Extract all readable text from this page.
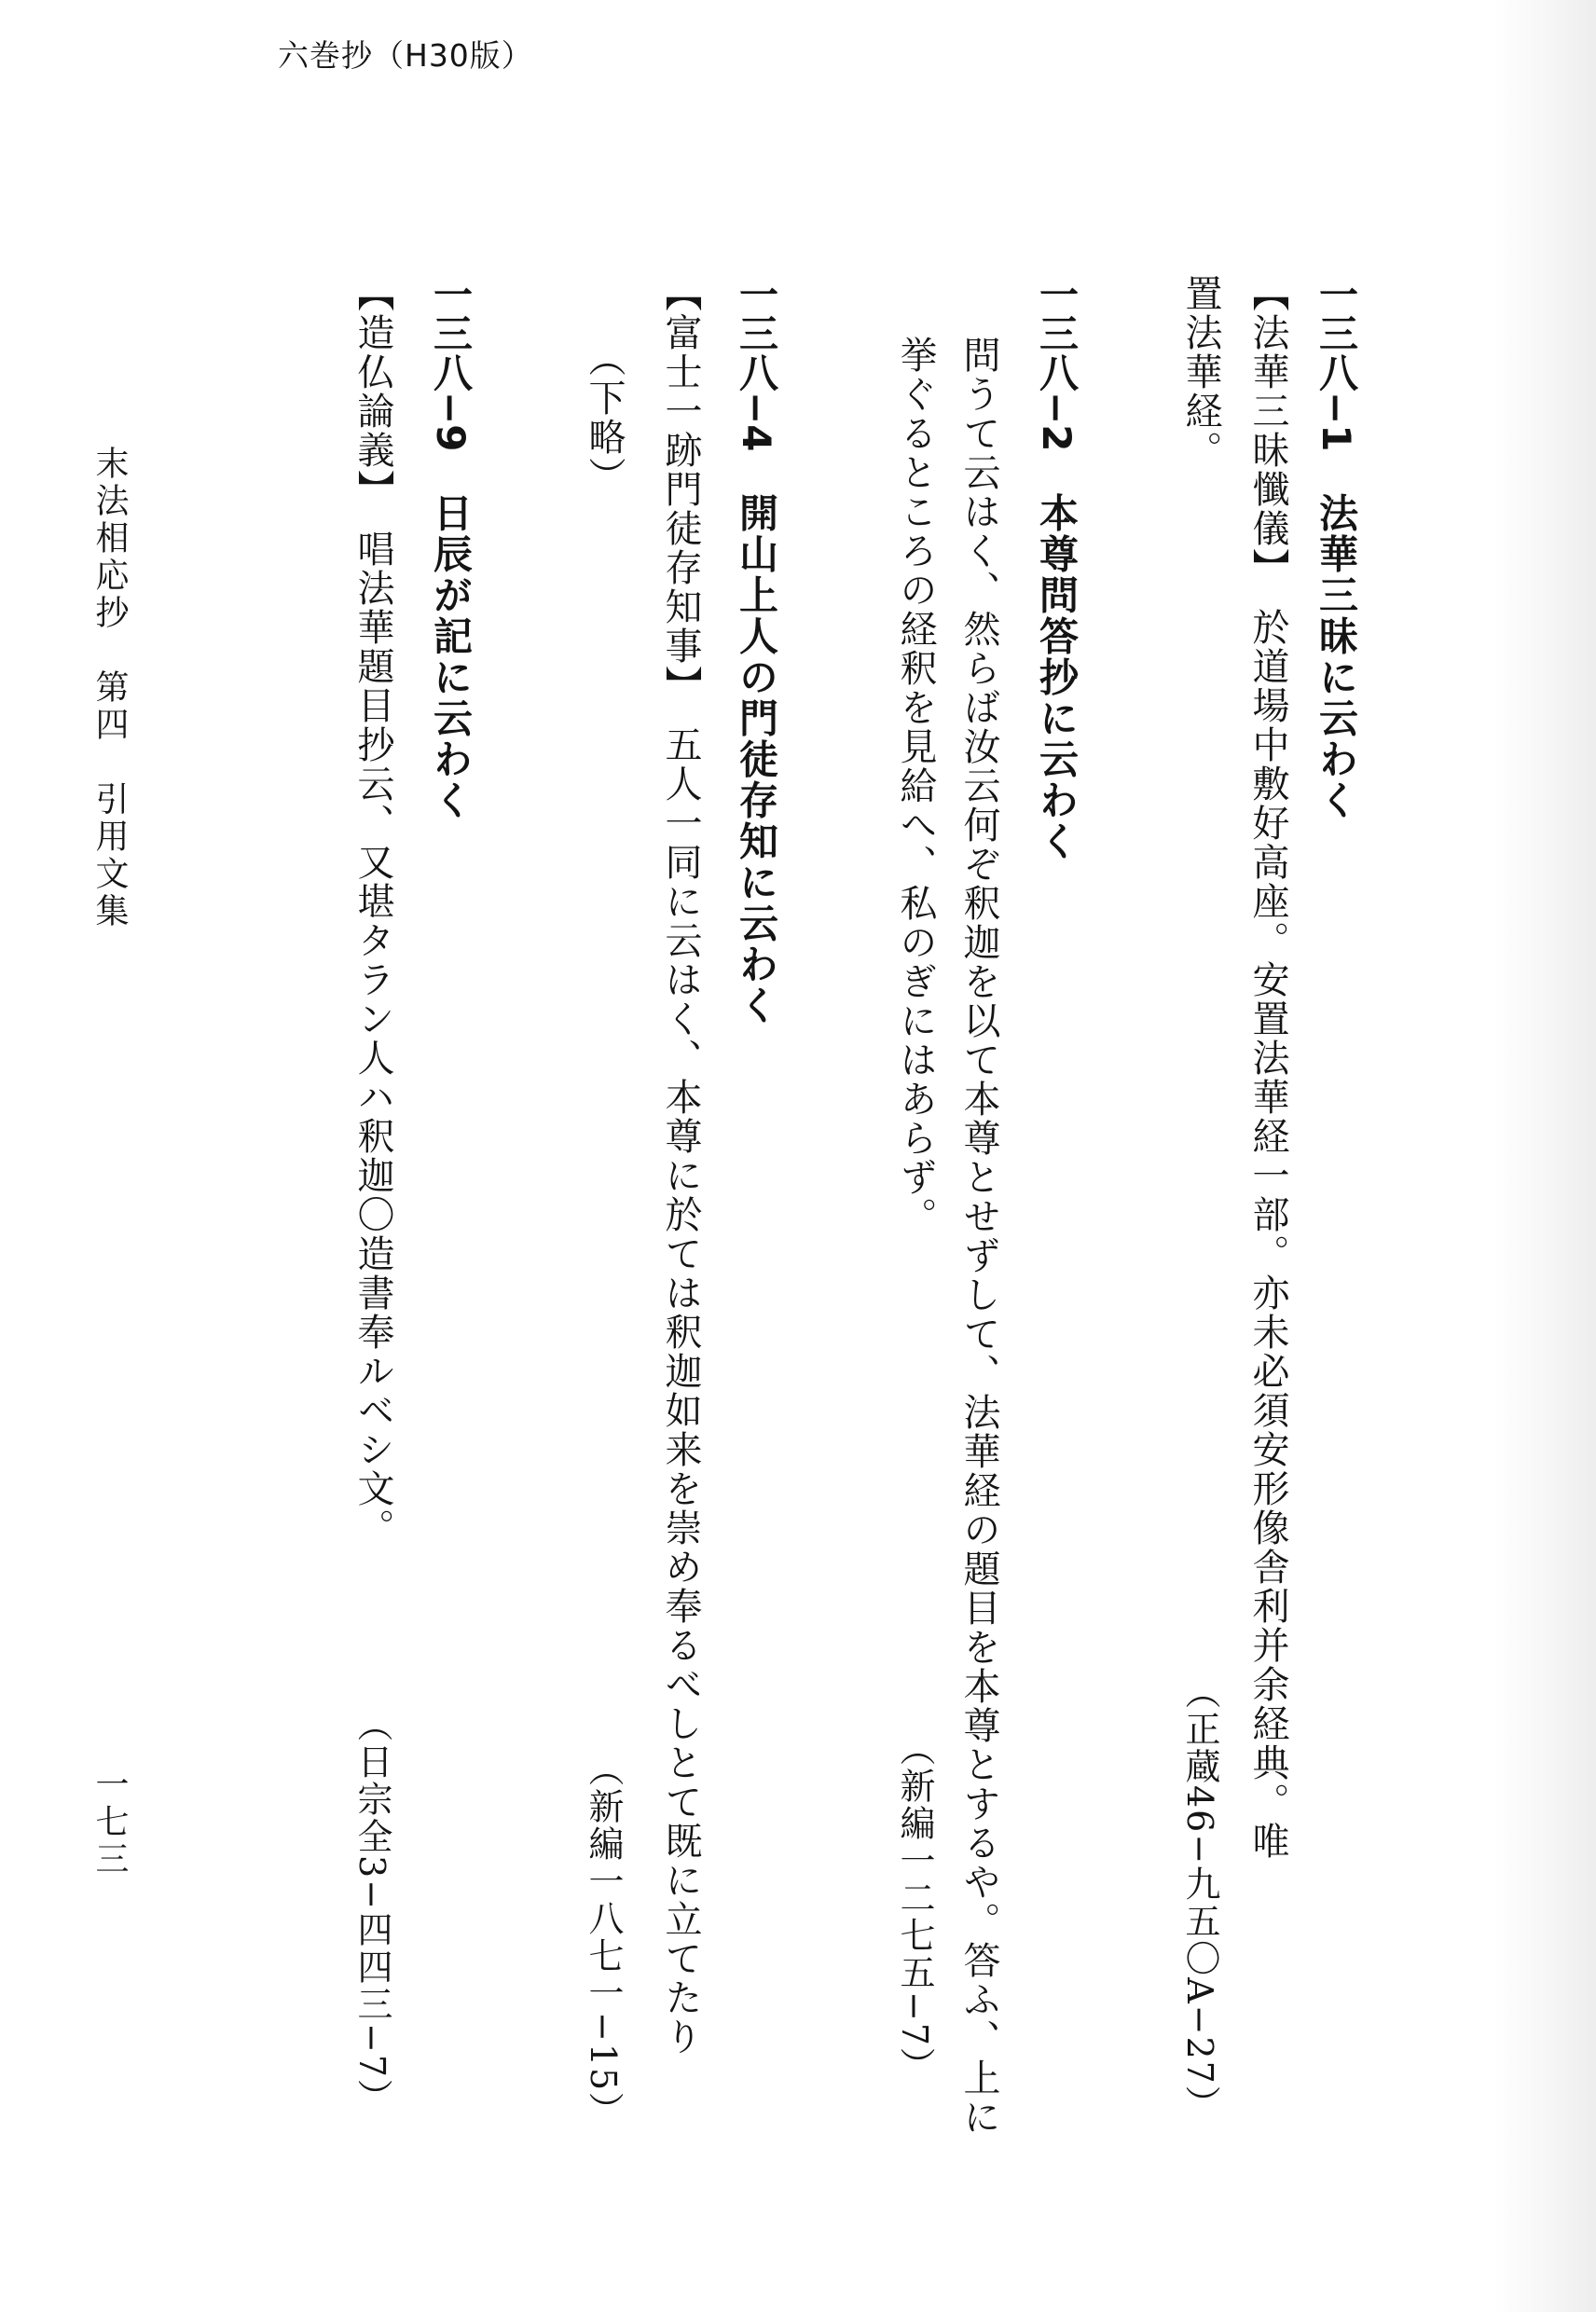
六巻抄（H30版）
一三八−1　法華三昧に云わく
【法華三昧懺儀】　於道場中敷好高座。安置法華経一部。亦未必須安形像舎利并余経典。唯
置法華経。
（正蔵46−九五〇A−27）
一三八−2　本尊問答抄に云わく
問うて云はく、然らば汝云何ぞ釈迦を以て本尊とせずして、法華経の題目を本尊とするや。答ふ、上に
挙ぐるところの経釈を見給へ、私のぎにはあらず。
（新編一二七五−7）
一三八−4　開山上人の門徒存知に云わく
【富士一跡門徒存知事】　五人一同に云はく、本尊に於ては釈迦如来を崇め奉るべしとて既に立てたり
（下略）
（新編一八七一−15）
一三八−9　日辰が記に云わく
【造仏論義】　唱法華題目抄云、又堪タラン人ハ釈迦〇造書奉ルベシ文。
（日宗全3−四四三−7）
末法相応抄　第四　引用文集
一七三
